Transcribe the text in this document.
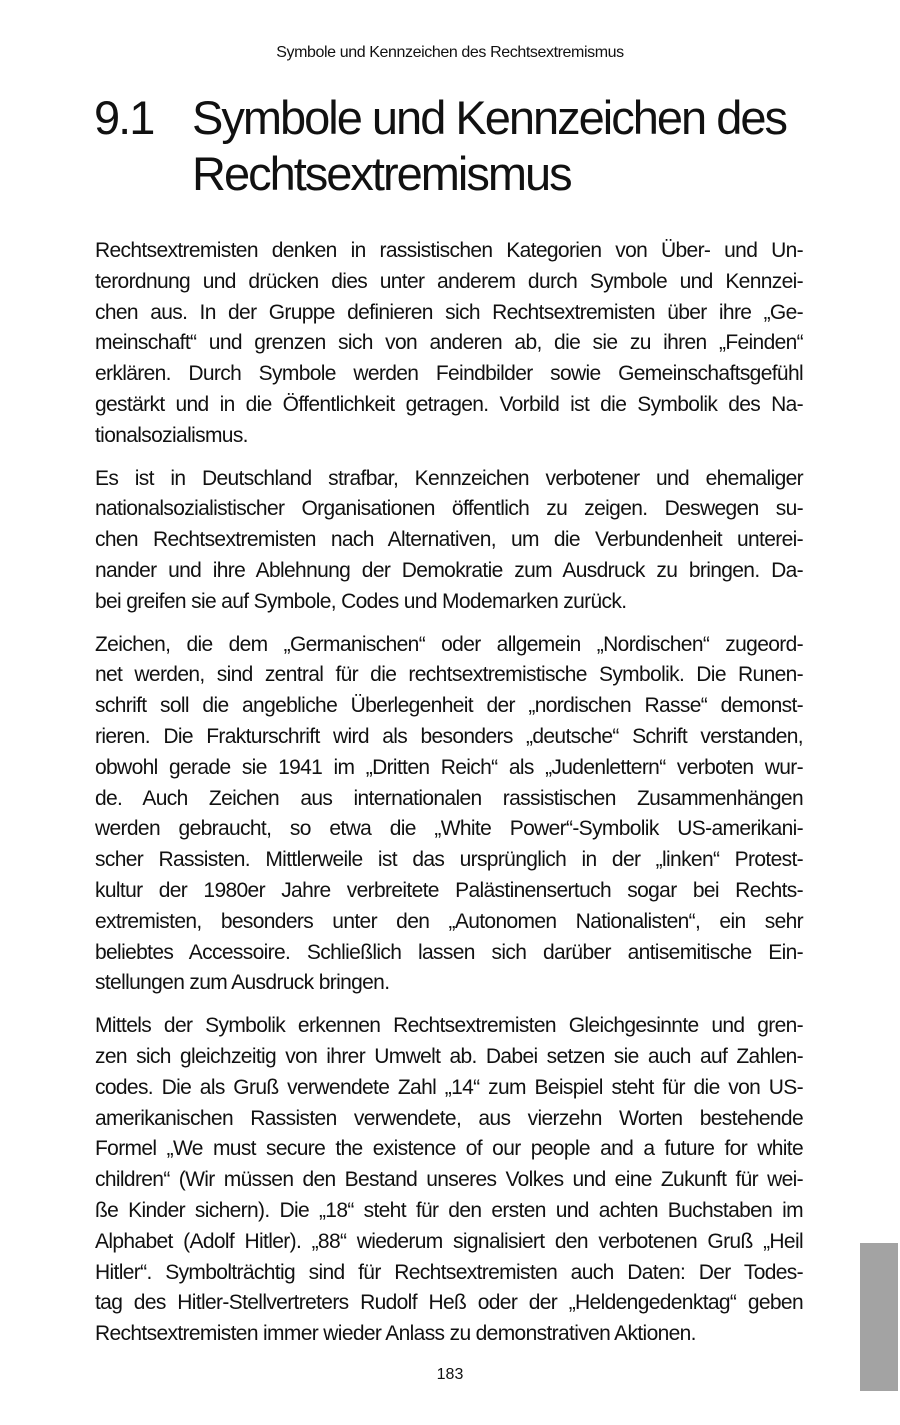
Symbole und Kennzeichen des Rechtsextremismus
9.1 Symbole und Kennzeichen des
Rechtsextremismus
Rechtsextremisten denken in rassistischen Kategorien von Über- und Un-
terordnung und drücken dies unter anderem durch Symbole und Kennzei-
chen aus. In der Gruppe definieren sich Rechtsextremisten über ihre „Ge-
meinschaft“ und grenzen sich von anderen ab, die sie zu ihren „Feinden“
erklären. Durch Symbole werden Feindbilder sowie Gemeinschaftsgefühl
gestärkt und in die Öffentlichkeit getragen. Vorbild ist die Symbolik des Na-
tionalsozialismus.
Es ist in Deutschland strafbar, Kennzeichen verbotener und ehemaliger
nationalsozialistischer Organisationen öffentlich zu zeigen. Deswegen su-
chen Rechtsextremisten nach Alternativen, um die Verbundenheit unterei-
nander und ihre Ablehnung der Demokratie zum Ausdruck zu bringen. Da-
bei greifen sie auf Symbole, Codes und Modemarken zurück.
Zeichen, die dem „Germanischen“ oder allgemein „Nordischen“ zugeord-
net werden, sind zentral für die rechtsextremistische Symbolik. Die Runen-
schrift soll die angebliche Überlegenheit der „nordischen Rasse“ demonst-
rieren. Die Frakturschrift wird als besonders „deutsche“ Schrift verstanden,
obwohl gerade sie 1941 im „Dritten Reich“ als „Judenlettern“ verboten wur-
de. Auch Zeichen aus internationalen rassistischen Zusammenhängen
werden gebraucht, so etwa die „White Power“-Symbolik US-amerikani-
scher Rassisten. Mittlerweile ist das ursprünglich in der „linken“ Protest-
kultur der 1980er Jahre verbreitete Palästinensertuch sogar bei Rechts-
extremisten, besonders unter den „Autonomen Nationalisten“, ein sehr
beliebtes Accessoire. Schließlich lassen sich darüber antisemitische Ein-
stellungen zum Ausdruck bringen.
Mittels der Symbolik erkennen Rechtsextremisten Gleichgesinnte und gren-
zen sich gleichzeitig von ihrer Umwelt ab. Dabei setzen sie auch auf Zahlen-
codes. Die als Gruß verwendete Zahl „14“ zum Beispiel steht für die von US-
amerikanischen Rassisten verwendete, aus vierzehn Worten bestehende
Formel „We must secure the existence of our people and a future for white
children“ (Wir müssen den Bestand unseres Volkes und eine Zukunft für wei-
ße Kinder sichern). Die „18“ steht für den ersten und achten Buchstaben im
Alphabet (Adolf Hitler). „88“ wiederum signalisiert den verbotenen Gruß „Heil
Hitler“. Symbolträchtig sind für Rechtsextremisten auch Daten: Der Todes-
tag des Hitler-Stellvertreters Rudolf Heß oder der „Heldengedenktag“ geben
Rechtsextremisten immer wieder Anlass zu demonstrativen Aktionen.
183
